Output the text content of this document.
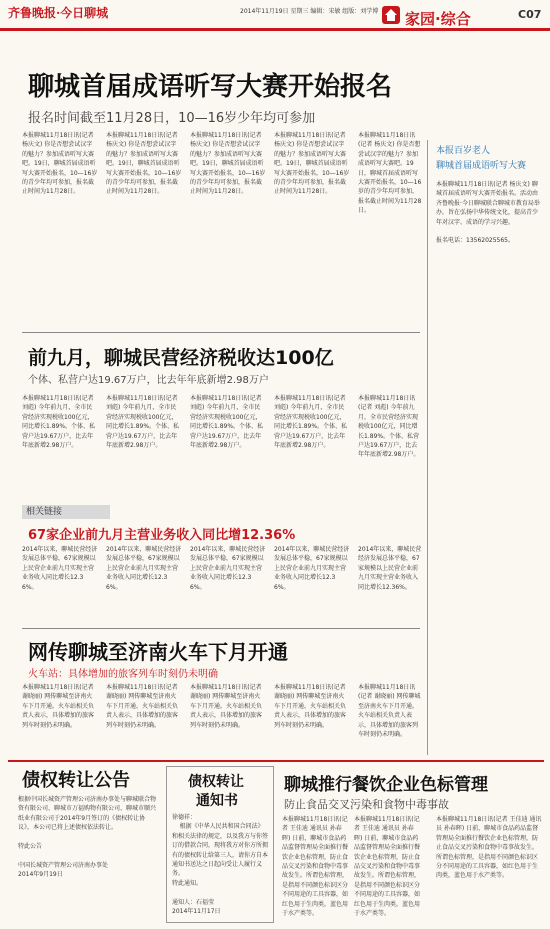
齐鲁晚报·今日聊城	2014年11月19日 星期三 编辑：宋敏 组版：刘学博 家园·综合	C07
聊城首届成语听写大赛开始报名
报名时间截至11月28日，10—16岁少年均可参加
本报聊城11月18日讯(记者 杨庆文) 你是否想尝试汉字的魅力？参加成语听写大赛吧。19日，聊城首届成语听写大赛开始报名，10—16岁的青少年均可参加，报名截止时间为11月28日。
本报聊城11月18日讯(记者 杨庆文) 你是否想尝试汉字的魅力？参加成语听写大赛吧。19日，聊城首届成语听写大赛开始报名，10—16岁的青少年均可参加，报名截止时间为11月28日。
本报聊城11月18日讯(记者 杨庆文) 你是否想尝试汉字的魅力？参加成语听写大赛吧。19日，聊城首届成语听写大赛开始报名，10—16岁的青少年均可参加，报名截止时间为11月28日。
本报聊城11月18日讯(记者 杨庆文) 你是否想尝试汉字的魅力？参加成语听写大赛吧。19日，聊城首届成语听写大赛开始报名，10—16岁的青少年均可参加，报名截止时间为11月28日。
本报聊城11月18日讯(记者 杨庆文) 你是否想尝试汉字的魅力？参加成语听写大赛吧。19日，聊城首届成语听写大赛开始报名，10—16岁的青少年均可参加，报名截止时间为11月28日。
本报百岁老人
聊城首届成语听写大赛
本报聊城11月18日讯(记者 杨庆文) 聊城首届成语听写大赛开始报名。活动由齐鲁晚报·今日聊城联合聊城市教育局举办，旨在弘扬中华传统文化，提高青少年对汉字、成语的学习兴趣。

报名电话：13562025565。
前九月，聊城民营经济税收达100亿
个体、私营户达19.67万户，比去年年底新增2.98万户
本报聊城11月18日讯(记者 刘彪) 今年前九月，全市民营经济实现税收100亿元，同比增长1.89%。个体、私营户达19.67万户，比去年年底新增2.98万户。
本报聊城11月18日讯(记者 刘彪) 今年前九月，全市民营经济实现税收100亿元，同比增长1.89%。个体、私营户达19.67万户，比去年年底新增2.98万户。
本报聊城11月18日讯(记者 刘彪) 今年前九月，全市民营经济实现税收100亿元，同比增长1.89%。个体、私营户达19.67万户，比去年年底新增2.98万户。
本报聊城11月18日讯(记者 刘彪) 今年前九月，全市民营经济实现税收100亿元，同比增长1.89%。个体、私营户达19.67万户，比去年年底新增2.98万户。
本报聊城11月18日讯(记者 刘彪) 今年前九月，全市民营经济实现税收100亿元，同比增长1.89%。个体、私营户达19.67万户，比去年年底新增2.98万户。
相关链接
67家企业前九月主营业务收入同比增12.36%
2014年以来，聊城民营经济发展总体平稳，67家规模以上民营企业前九月实现主营业务收入同比增长12.36%。
2014年以来，聊城民营经济发展总体平稳，67家规模以上民营企业前九月实现主营业务收入同比增长12.36%。
2014年以来，聊城民营经济发展总体平稳，67家规模以上民营企业前九月实现主营业务收入同比增长12.36%。
2014年以来，聊城民营经济发展总体平稳，67家规模以上民营企业前九月实现主营业务收入同比增长12.36%。
2014年以来，聊城民营经济发展总体平稳，67家规模以上民营企业前九月实现主营业务收入同比增长12.36%。
网传聊城至济南火车下月开通
火车站：具体增加的旅客列车时刻仍未明确
本报聊城11月18日讯(记者 谢晓丽) 网传聊城至济南火车下月开通。火车站相关负责人表示，具体增加的旅客列车时刻仍未明确。
本报聊城11月18日讯(记者 谢晓丽) 网传聊城至济南火车下月开通。火车站相关负责人表示，具体增加的旅客列车时刻仍未明确。
本报聊城11月18日讯(记者 谢晓丽) 网传聊城至济南火车下月开通。火车站相关负责人表示，具体增加的旅客列车时刻仍未明确。
本报聊城11月18日讯(记者 谢晓丽) 网传聊城至济南火车下月开通。火车站相关负责人表示，具体增加的旅客列车时刻仍未明确。
本报聊城11月18日讯(记者 谢晓丽) 网传聊城至济南火车下月开通。火车站相关负责人表示，具体增加的旅客列车时刻仍未明确。
债权转让公告
根据中国长城资产管理公司济南办事处与聊城联合物资有限公司、聊城市万福购物有限公司、聊城市顺兴纸业有限公司于2014年9月签订的《债权转让协议》，本公司已将上述债权依法转让。

特此公告

中国长城资产管理公司济南办事处
2014年9月19日
债权转让
通知书
徐德祥：
根据《中华人民共和国合同法》和相关法律的规定，以及我方与你签订的借款合同，现将我方对你方所拥有的债权转让给第三人，请你方自本通知书送达之日起向受让人履行义务。
特此通知。

通知人：石福莹
2014年11月17日
聊城推行餐饮企业色标管理
防止食品交叉污染和食物中毒事故
本报聊城11月18日讯(记者 王佳迪 通讯员 孙春晖) 日前，聊城市食品药品监督管理局全面推行餐饮企业色标管理，防止食品交叉污染和食物中毒事故发生。所谓色标管理，是指用不同颜色标识区分不同用途的工具容器，如红色用于生肉类，蓝色用于水产类等。
本报聊城11月18日讯(记者 王佳迪 通讯员 孙春晖) 日前，聊城市食品药品监督管理局全面推行餐饮企业色标管理，防止食品交叉污染和食物中毒事故发生。所谓色标管理，是指用不同颜色标识区分不同用途的工具容器，如红色用于生肉类，蓝色用于水产类等。
本报聊城11月18日讯(记者 王佳迪 通讯员 孙春晖) 日前，聊城市食品药品监督管理局全面推行餐饮企业色标管理，防止食品交叉污染和食物中毒事故发生。所谓色标管理，是指用不同颜色标识区分不同用途的工具容器，如红色用于生肉类，蓝色用于水产类等。
